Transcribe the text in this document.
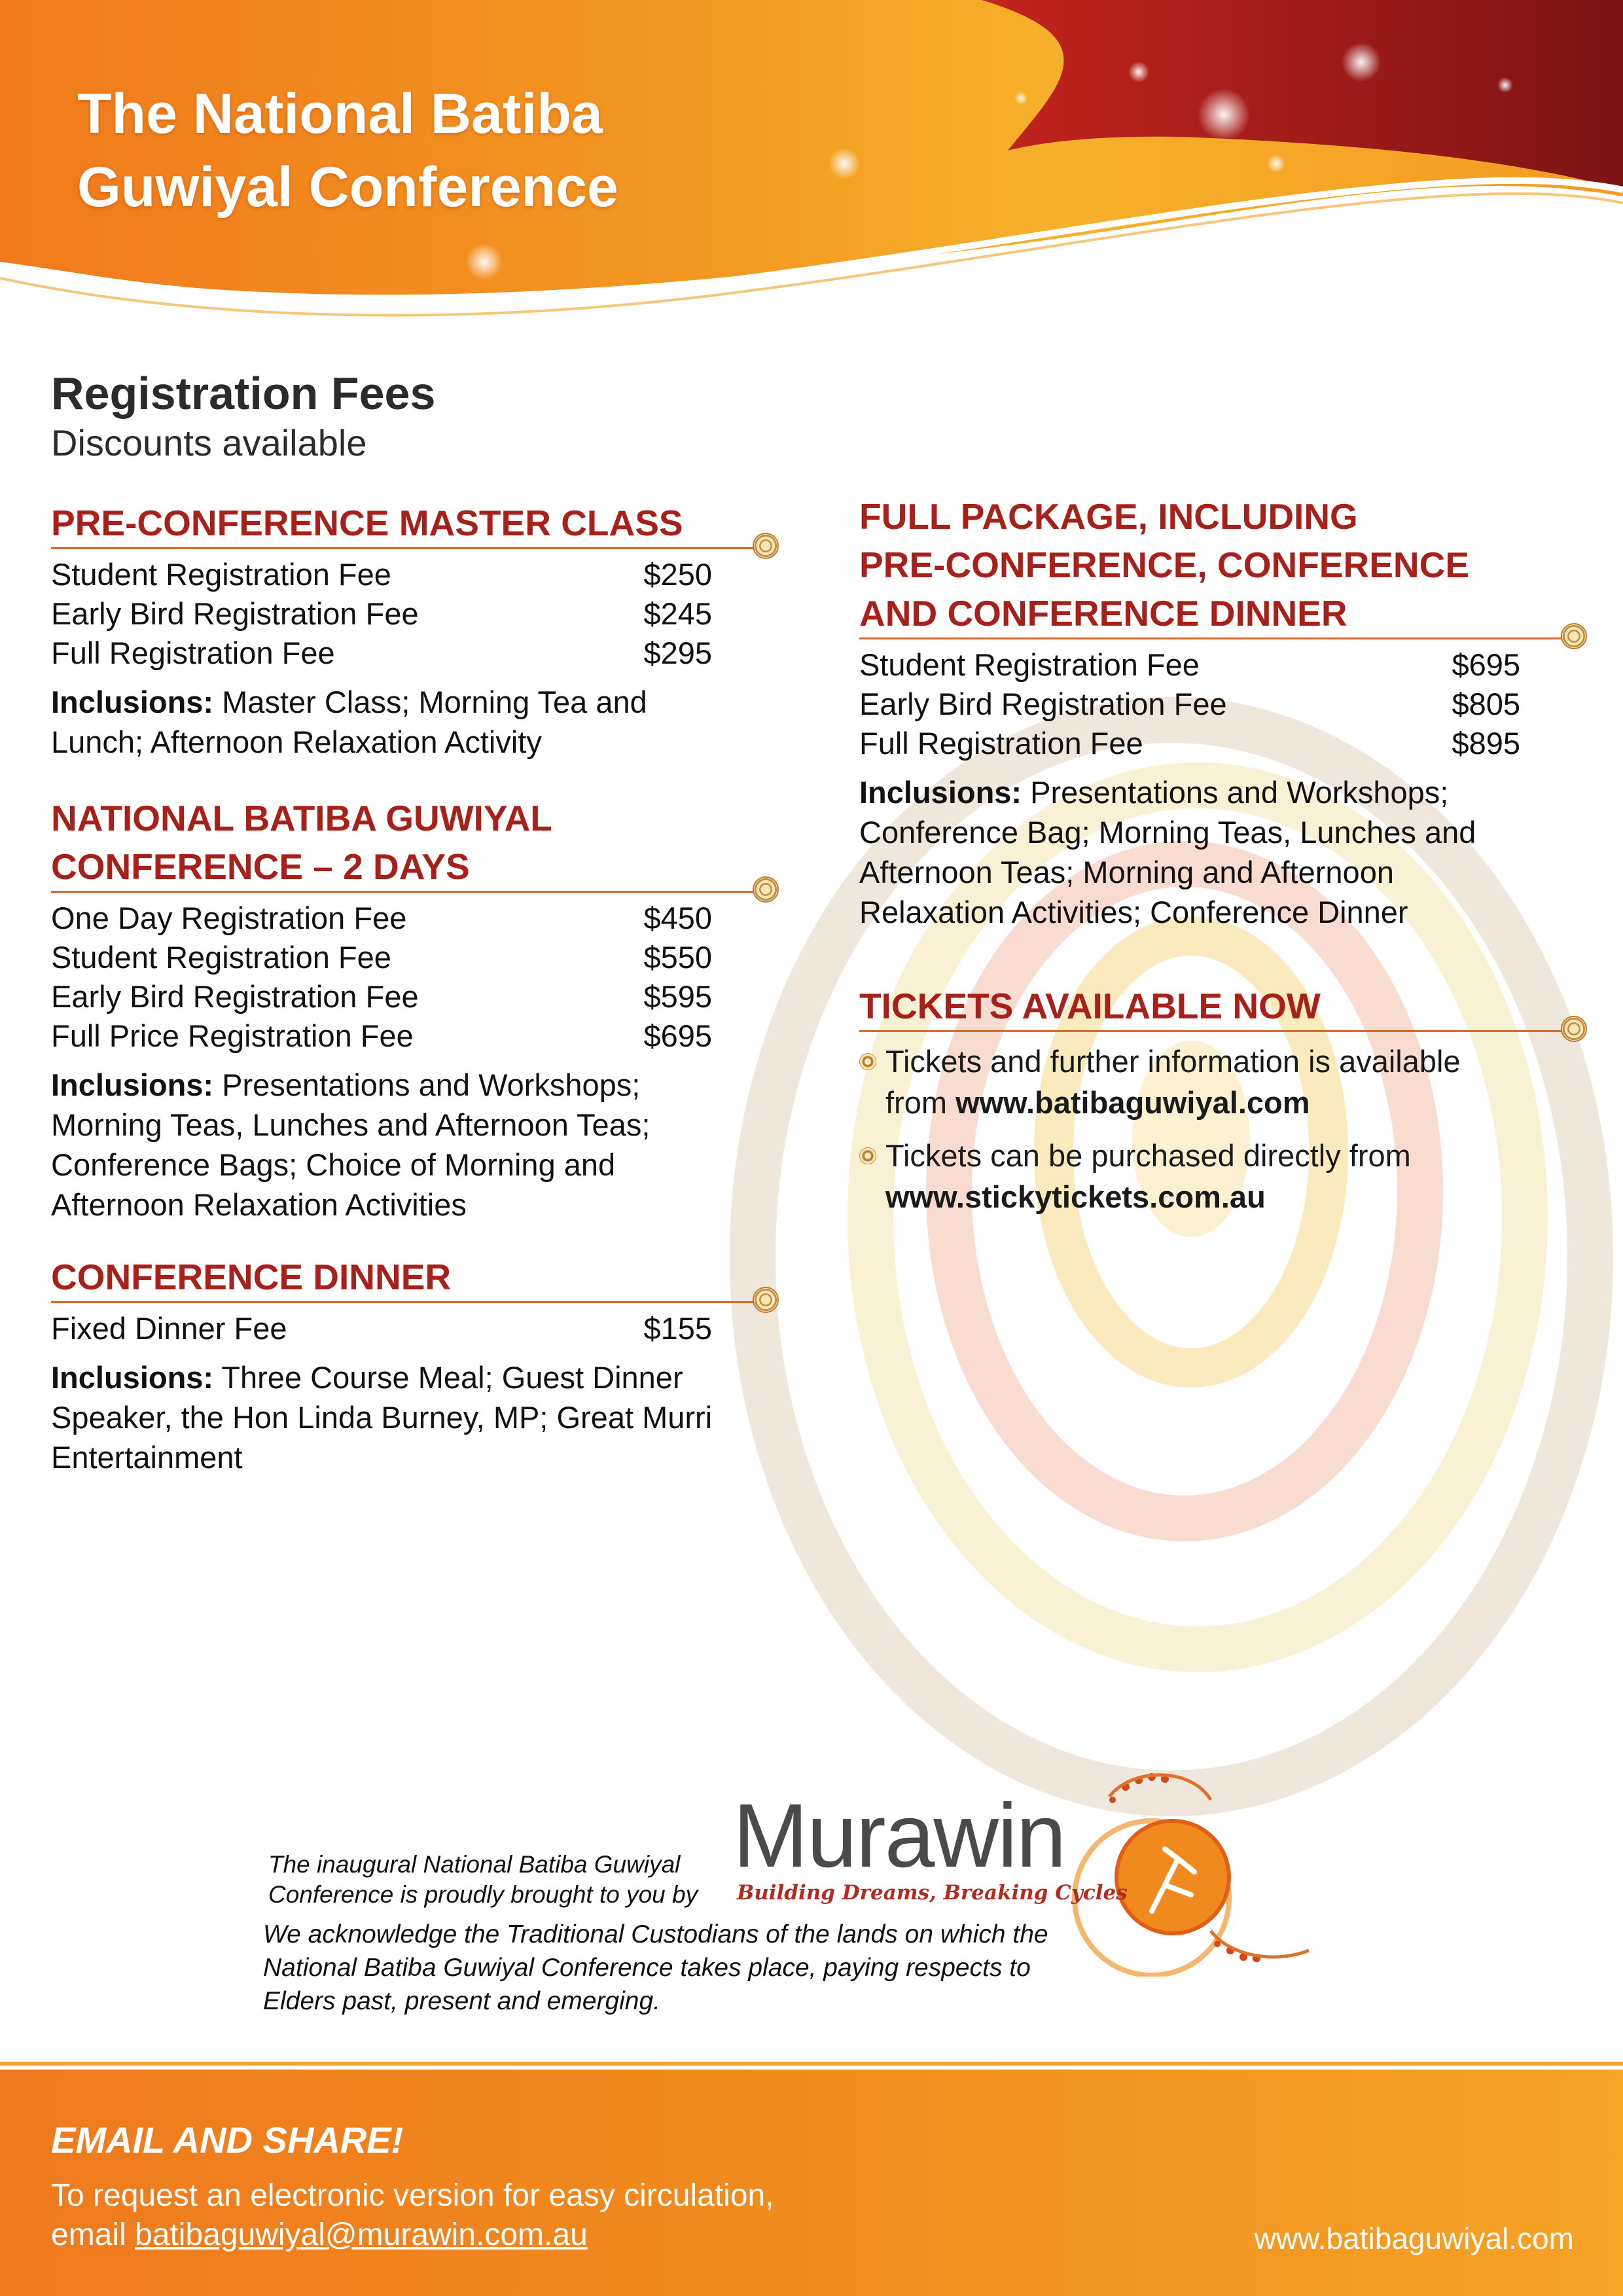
The National Batiba
Guwiyal Conference
Registration Fees
Discounts available
PRE-CONFERENCE MASTER CLASS
Student Registration Fee	$250
Early Bird Registration Fee	$245
Full Registration Fee	$295
Inclusions: Master Class; Morning Tea and Lunch; Afternoon Relaxation Activity
NATIONAL BATIBA GUWIYAL
CONFERENCE – 2 DAYS
One Day Registration Fee	$450
Student Registration Fee	$550
Early Bird Registration Fee	$595
Full Price Registration Fee	$695
Inclusions: Presentations and Workshops; Morning Teas, Lunches and Afternoon Teas; Conference Bags; Choice of Morning and Afternoon Relaxation Activities
CONFERENCE DINNER
Fixed Dinner Fee	$155
Inclusions: Three Course Meal; Guest Dinner Speaker, the Hon Linda Burney, MP; Great Murri Entertainment
FULL PACKAGE, INCLUDING
PRE-CONFERENCE, CONFERENCE
AND CONFERENCE DINNER
Student Registration Fee	$695
Early Bird Registration Fee	$805
Full Registration Fee	$895
Inclusions: Presentations and Workshops; Conference Bag; Morning Teas, Lunches and Afternoon Teas; Morning and Afternoon Relaxation Activities; Conference Dinner
TICKETS AVAILABLE NOW
Tickets and further information is available from www.batibaguwiyal.com
Tickets can be purchased directly from www.stickytickets.com.au
The inaugural National Batiba Guwiyal Conference is proudly brought to you by
Murawin
Building Dreams, Breaking Cycles
We acknowledge the Traditional Custodians of the lands on which the National Batiba Guwiyal Conference takes place, paying respects to Elders past, present and emerging.
EMAIL AND SHARE!
To request an electronic version for easy circulation,
email batibaguwiyal@murawin.com.au	www.batibaguwiyal.com
